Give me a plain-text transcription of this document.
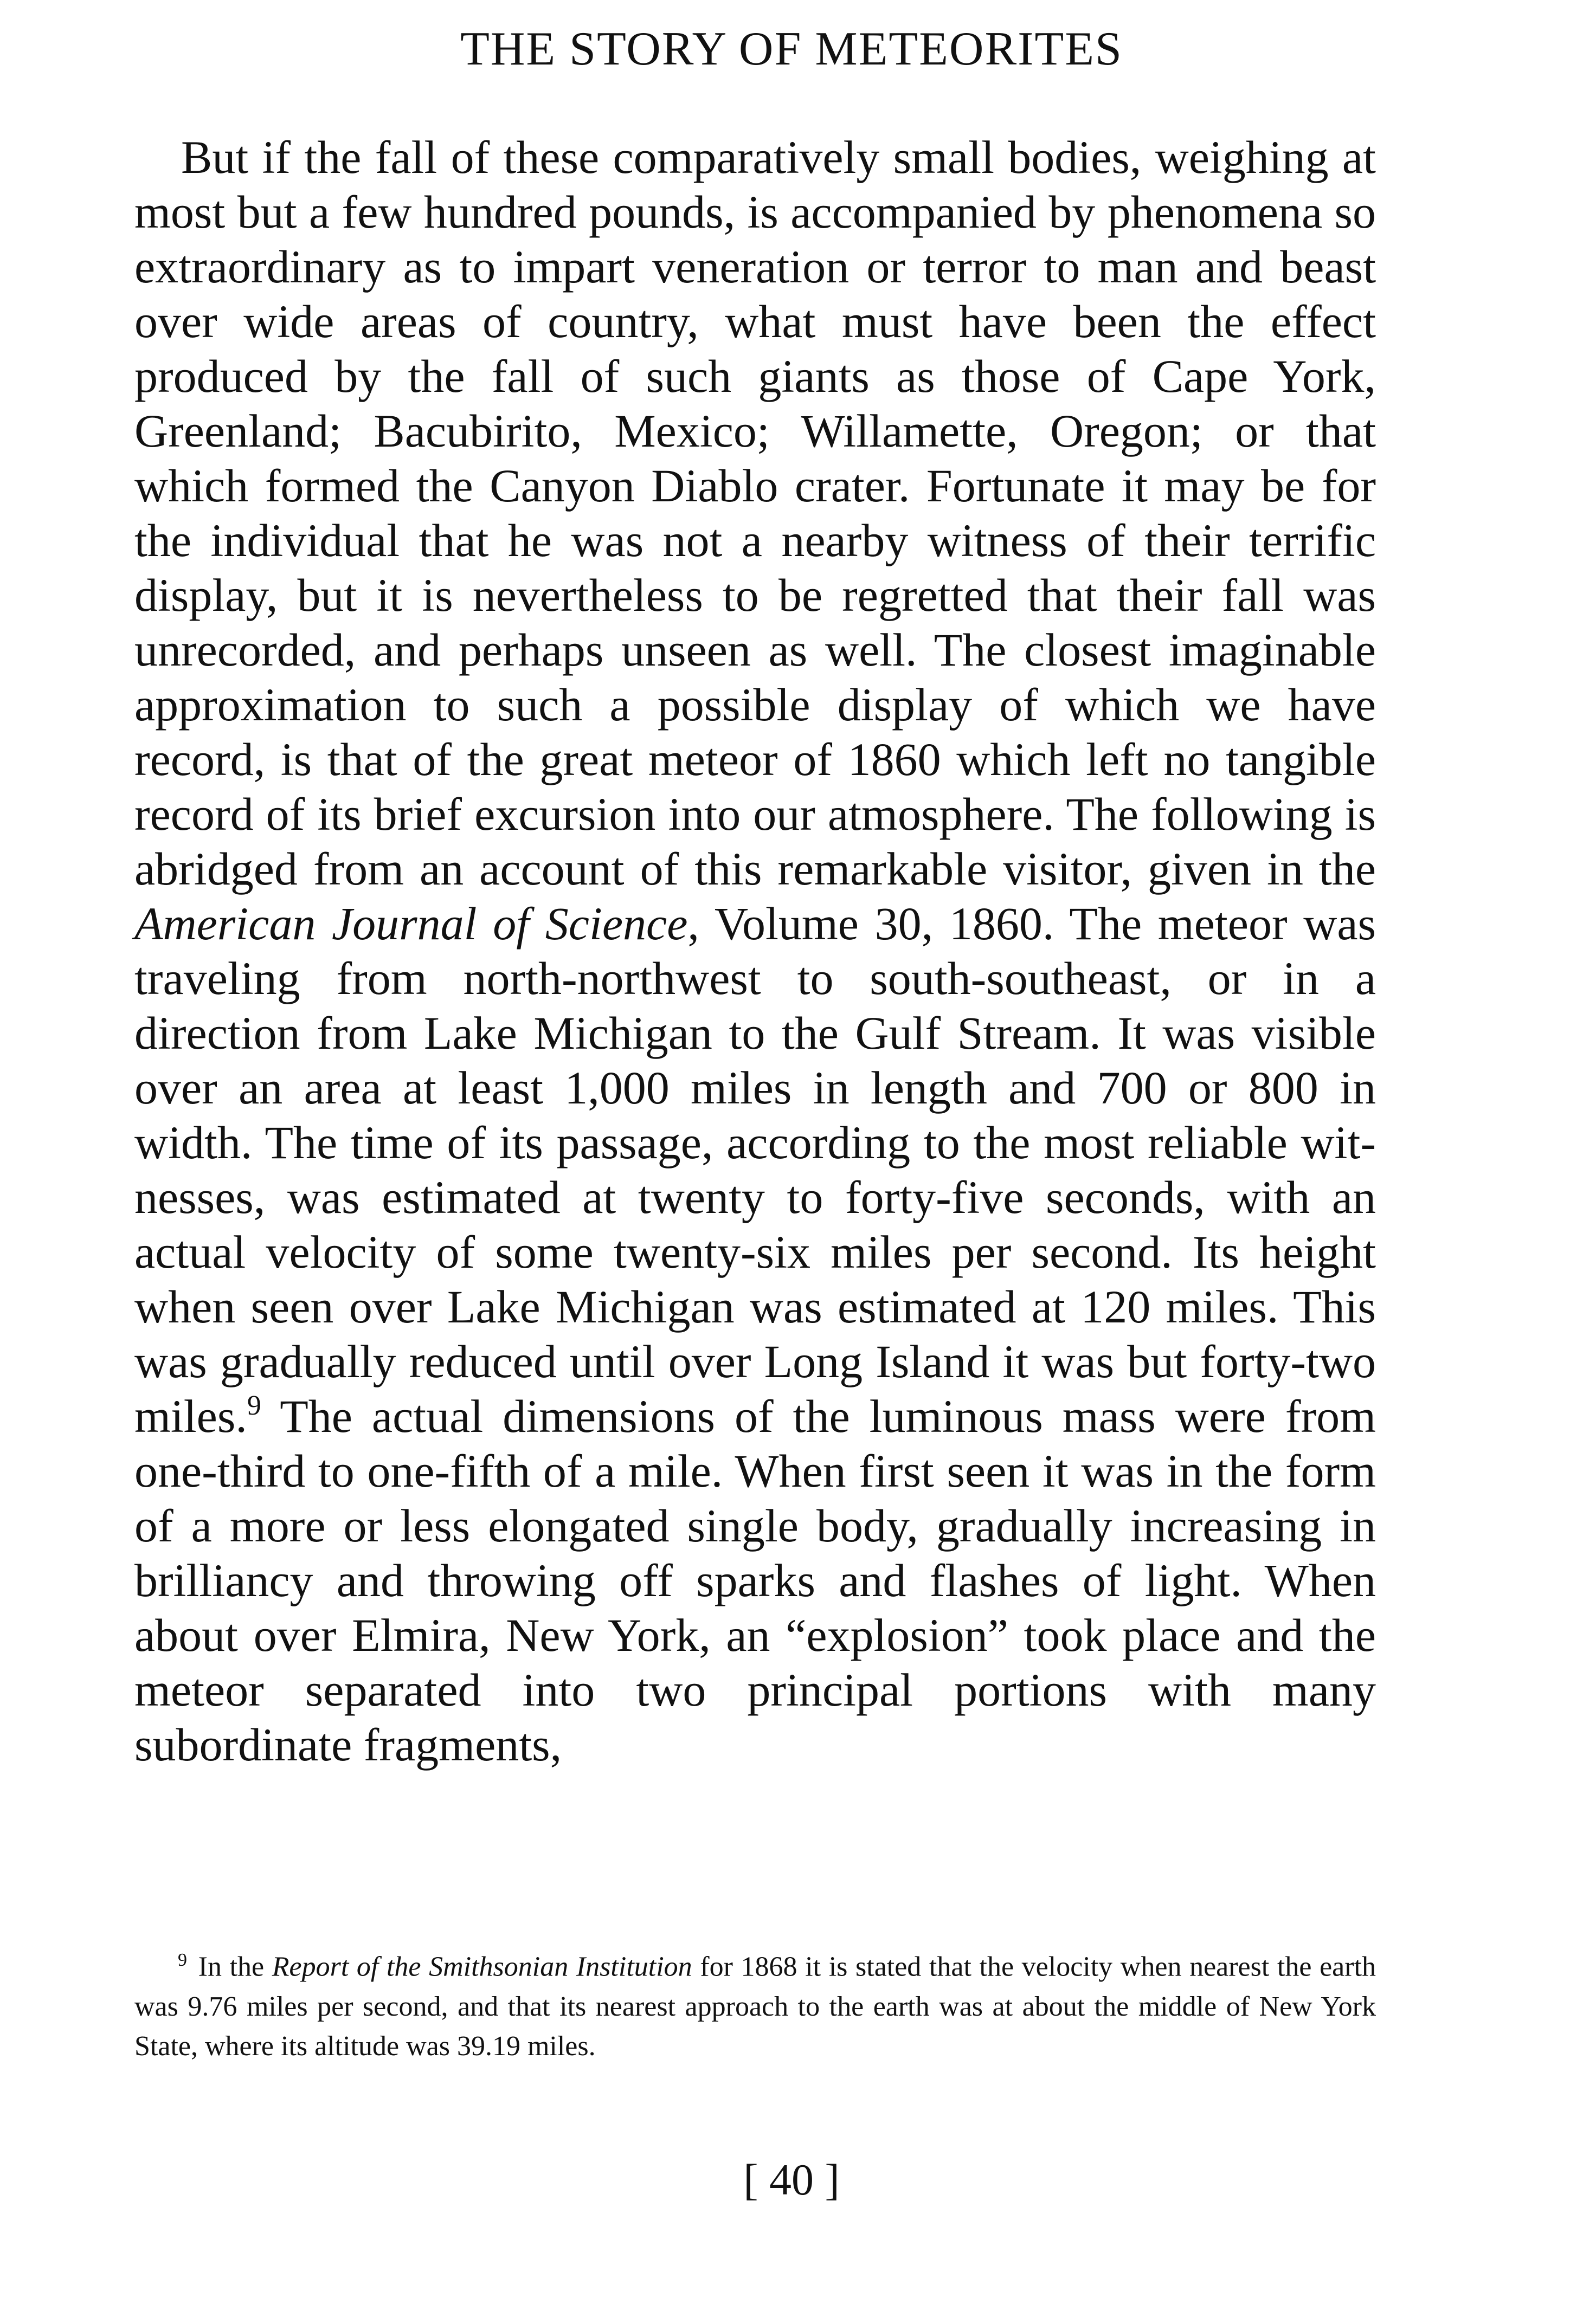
THE STORY OF METEORITES

But if the fall of these comparatively small bodies, weighing at most but a few hundred pounds, is accompanied by phenomena so extraordinary as to impart veneration or terror to man and beast over wide areas of country, what must have been the effect produced by the fall of such giants as those of Cape York, Greenland; Bacubirito, Mexico; Willamette, Oregon; or that which formed the Canyon Diablo crater. Fortunate it may be for the individual that he was not a nearby witness of their terrific display, but it is nevertheless to be regretted that their fall was unrecorded, and perhaps unseen as well. The closest imaginable approximation to such a possible display of which we have record, is that of the great meteor of 1860 which left no tangible record of its brief excursion into our atmosphere. The following is abridged from an account of this remarkable visitor, given in the American Journal of Science, Volume 30, 1860. The meteor was traveling from north-northwest to south-southeast, or in a direction from Lake Michigan to the Gulf Stream. It was visible over an area at least 1,000 miles in length and 700 or 800 in width. The time of its passage, according to the most reliable witnesses, was estimated at twenty to forty-five seconds, with an actual velocity of some twenty-six miles per second. Its height when seen over Lake Michigan was estimated at 120 miles. This was gradually reduced until over Long Island it was but forty-two miles.$^9$ The actual dimensions of the luminous mass were from one-third to one-fifth of a mile. When first seen it was in the form of a more or less elongated single body, gradually increasing in brilliancy and throwing off sparks and flashes of light. When about over Elmira, New York, an “explosion” took place and the meteor separated into two principal portions with many subordinate fragments,

$^9$ In the Report of the Smithsonian Institution for 1868 it is stated that the velocity when nearest the earth was 9.76 miles per second, and that its nearest approach to the earth was at about the middle of New York State, where its altitude was 39.19 miles.

[ 40 ]
